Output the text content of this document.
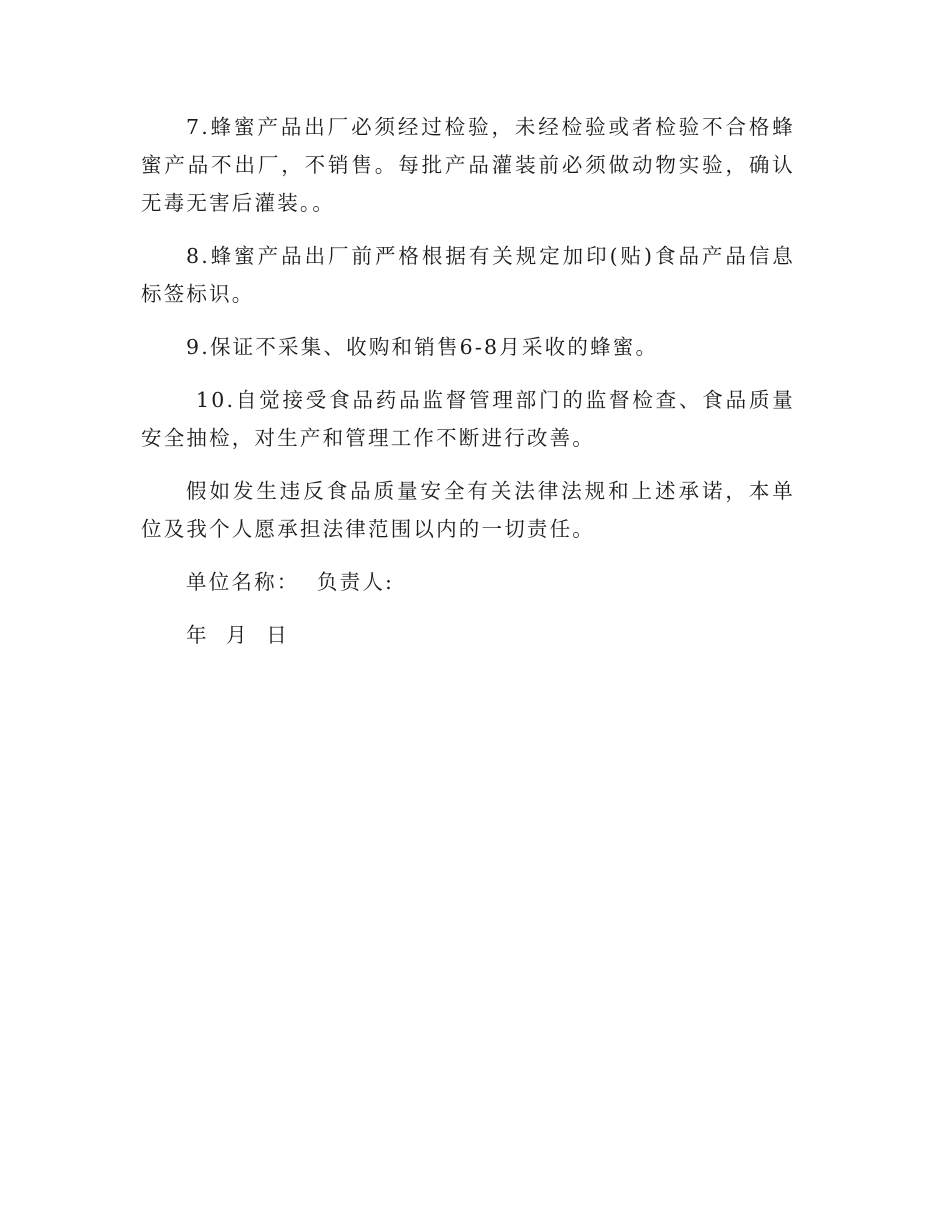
7.蜂蜜产品出厂必须经过检验，未经检验或者检验不合格蜂蜜产品不出厂，不销售。每批产品灌装前必须做动物实验，确认无毒无害后灌装。。

8.蜂蜜产品出厂前严格根据有关规定加印(贴)食品产品信息标签标识。

9.保证不采集、收购和销售6-8月采收的蜂蜜。

10.自觉接受食品药品监督管理部门的监督检查、食品质量安全抽检，对生产和管理工作不断进行改善。

假如发生违反食品质量安全有关法律法规和上述承诺，本单位及我个人愿承担法律范围以内的一切责任。

单位名称：  负责人:

年  月  日
